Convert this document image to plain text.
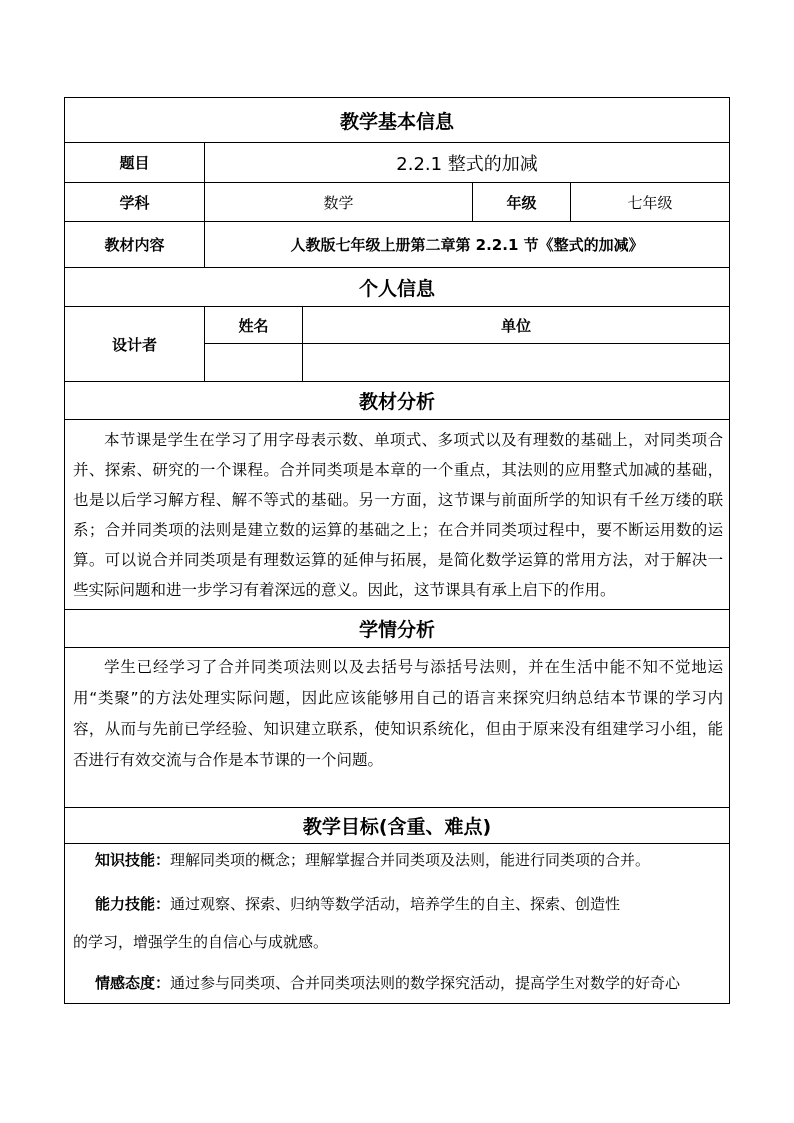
教学基本信息				
题目	2.2.1 整式的加减			
学科	数学		年级	七年级
教材内容	人教版七年级上册第二章第 2.2.1 节《整式的加减》			
个人信息				
设计者	姓名	单位		

教材分析				

本节课是学生在学习了用字母表示数、单项式、多项式以及有理数的基础上，对同类项合并、探索、研究的一个课程。合并同类项是本章的一个重点，其法则的应用整式加减的基础，也是以后学习解方程、解不等式的基础。另一方面，这节课与前面所学的知识有千丝万缕的联系；合并同类项的法则是建立数的运算的基础之上；在合并同类项过程中，要不断运用数的运算。可以说合并同类项是有理数运算的延伸与拓展，是简化数学运算的常用方法，对于解决一些实际问题和进一步学习有着深远的意义。因此，这节课具有承上启下的作用。				

学情分析				

学生已经学习了合并同类项法则以及去括号与添括号法则，并在生活中能不知不觉地运用“类聚”的方法处理实际问题，因此应该能够用自己的语言来探究归纳总结本节课的学习内容，从而与先前已学经验、知识建立联系，使知识系统化，但由于原来没有组建学习小组，能否进行有效交流与合作是本节课的一个问题。				

教学目标(含重、难点)				

知识技能：理解同类项的概念；理解掌握合并同类项及法则，能进行同类项的合并。

能力技能：通过观察、探索、归纳等数学活动，培养学生的自主、探索、创造性

的学习，增强学生的自信心与成就感。

情感态度：通过参与同类项、合并同类项法则的数学探究活动，提高学生对数学的好奇心				
